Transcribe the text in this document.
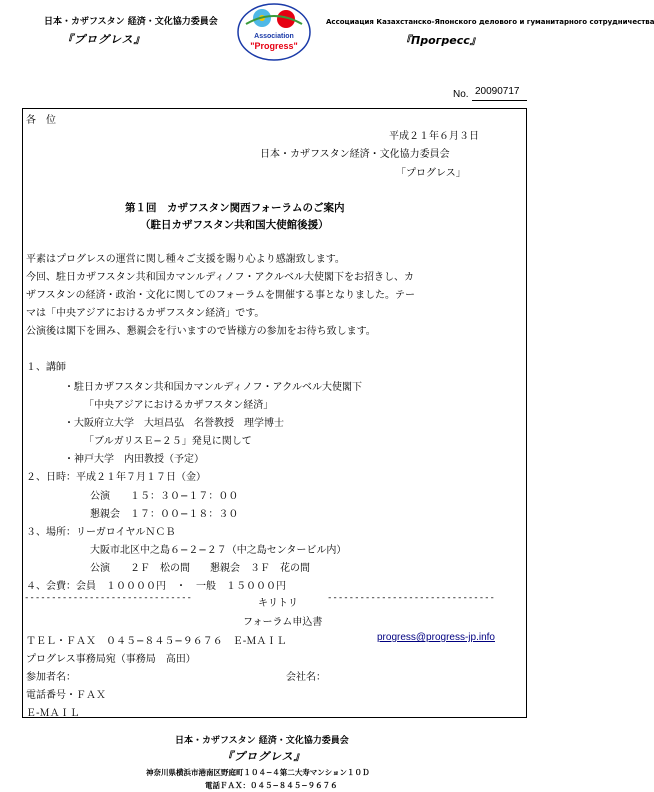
日本・カザフスタン 経済・文化協力委員会
『プログレス』	Association
"Progress"
Ассоциация Казахстанско-Японского делового и гуманитарного сотрудничества
『Прогресс』
No. 20090717
各　位
平成２１年６月３日
日本・カザフスタン経済・文化協力委員会
「プログレス」
第１回　カザフスタン関西フォーラムのご案内
（駐日カザフスタン共和国大使館後援）
平素はプログレスの運営に関し種々ご支援を賜り心より感謝致します。
今回、駐日カザフスタン共和国カマンルディノフ・アクルベル大使閣下をお招きし、カ
ザフスタンの経済・政治・文化に関してのフォーラムを開催する事となりました。テー
マは「中央アジアにおけるカザフスタン経済」です。
公演後は閣下を囲み、懇親会を行いますので皆様方の参加をお待ち致します。
１、講師
・駐日カザフスタン共和国カマンルディノフ・アクルベル大使閣下
「中央アジアにおけるカザフスタン経済」
・大阪府立大学　大垣昌弘　名誉教授　理学博士
「ブルガリスＥ−２５」発見に関して
・神戸大学　内田教授（予定）
２、日時：平成２１年７月１７日（金）
公演　　１５：３０−１７：００
懇親会　１７：００−１８：３０
３、場所：リーガロイヤルＮＣＢ
大阪市北区中之島６−２−２７（中之島センタービル内）
公演　　２Ｆ　松の間　　懇親会　３Ｆ　花の間
４、会費：会員　１００００円　・　一般　１５０００円
-------------------------------	キリトリ	-------------------------------
フォーラム申込書
ＴＥＬ・ＦＡＸ　０４５−８４５−９６７６　Ｅ-ＭＡＩＬ	progress@progress-jp.info
プログレス事務局宛（事務局　高田）
参加者名：	会社名：
電話番号・ＦＡＸ
Ｅ-ＭＡＩＬ
日本・カザフスタン 経済・文化協力委員会
『プログレス』
神奈川県横浜市港南区野庭町１０４−４第二大寿マンション１０Ｄ
電話ＦＡＸ：０４５−８４５−９６７６
